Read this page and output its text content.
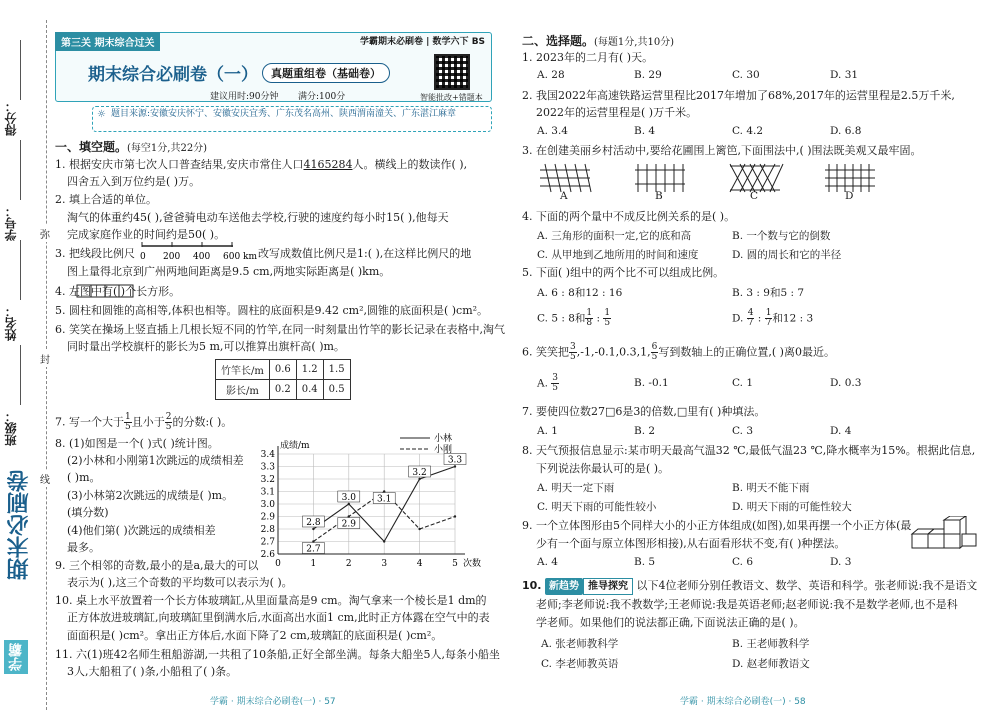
得分：
学号：
姓名：
班级：
弥
封
线
期末必刷卷
学霸
第三关 期末综合过关	学霸期末必刷卷 | 数学六下 BS
期末综合必刷卷（一）	真题重组卷（基础卷）
建议用时:90分钟 满分:100分	智能批改+错题本
☼ 题目来源:安徽安庆怀宁、安徽安庆宜秀、广东茂名高州、陕西渭南潼关、广东湛江麻章
一、填空题。(每空1分,共22分)
1. 根据安庆市第七次人口普查结果,安庆市常住人口4165284人。横线上的数读作( ),
四舍五入到万位约是( )万。
2. 填上合适的单位。
淘气的体重约45( ),爸爸骑电动车送他去学校,行驶的速度约每小时15( ),他每天
完成家庭作业的时间约是50( )。
3. 把线段比例尺 0 200 400 600 km 改写成数值比例尺是1:( ),在这样比例尺的地
图上量得北京到广州两地间距离是9.5 cm,两地实际距离是( )km。
4. 左图中有( )个长方形。
5. 圆柱和圆锥的高相等,体积也相等。圆柱的底面积是9.42 cm²,圆锥的底面积是( )cm²。
6. 笑笑在操场上竖直插上几根长短不同的竹竿,在同一时刻量出竹竿的影长记录在表格中,淘气
同时量出学校旗杆的影长为5 m,可以推算出旗杆高( )m。
竹竿长/m	0.6	1.2	1.5
影长/m	0.2	0.4	0.5
7. 写一个大于 $\frac{1}{5}$ 且小于 $\frac{2}{5}$ 的分数:( )。
8. (1)如图是一个( )式( )统计图。
(2)小林和小刚第1次跳远的成绩相差
( )m。
(3)小林第2次跳远的成绩是( )m。
(填分数)
(4)他们第( )次跳远的成绩相差
最多。
2.6
2.7
2.8
2.9
3.0
3.1
3.2
3.3
3.4
0	1	2	3	4	5
成绩/m
次数
2.8
3.0
3.2
3.3
小林
2.7
2.9
3.1
小刚
9. 三个相邻的奇数,最小的是a,最大的可以
表示为( ),这三个奇数的平均数可以表示为( )。
10. 桌上水平放置着一个长方体玻璃缸,从里面量高是9 cm。淘气拿来一个棱长是1 dm的
正方体放进玻璃缸,向玻璃缸里倒满水后,水面高出水面1 cm,此时正方体露在空气中的表
面面积是( )cm²。拿出正方体后,水面下降了2 cm,玻璃缸的底面积是( )cm²。
11. 六(1)班42名师生租船游湖,一共租了10条船,正好全部坐满。每条大船坐5人,每条小船坐
3人,大船租了( )条,小船租了( )条。
学霸 · 期末综合必刷卷(一) · 57
二、选择题。(每题1分,共10分)
1. 2023年的二月有( )天。
A. 28	B. 29	C. 30	D. 31
2. 我国2022年高速铁路运营里程比2017年增加了68%,2017年的运营里程是2.5万千米,
2022年的运营里程是( )万千米。
A. 3.4	B. 4	C. 4.2	D. 6.8
3. 在创建美丽乡村活动中,要给花圃围上篱笆,下面围法中,( )围法既美观又最牢固。
A	B	C	D
4. 下面的两个量中不成反比例关系的是( )。
A. 三角形的面积一定,它的底和高	B. 一个数与它的倒数
C. 从甲地到乙地所用的时间和速度	D. 圆的周长和它的半径
5. 下面( )组中的两个比不可以组成比例。
A. 6 : 8和12 : 16	B. 3 : 9和5 : 7
C. 5 : 8和 $\frac{1}{8}$ : $\frac{1}{5}$	D. $\frac{4}{7}$ : $\frac{1}{7}$ 和12 : 3
6. 笑笑把 $\frac{3}{5} ,-1,-0.1,0.3,1$, $\frac{6}{5}$ 写到数轴上的正确位置,( )离0最近。
A. $\frac{3}{5}$	B. -0.1	C. 1	D. 0.3
7. 要使四位数27□6是3的倍数,□里有( )种填法。
A. 1	B. 2	C. 3	D. 4
8. 天气预报信息显示:某市明天最高气温32 ℃,最低气温23 ℃,降水概率为15%。根据此信息,
下列说法你最认可的是( )。
A. 明天一定下雨	B. 明天不能下雨
C. 明天下雨的可能性较小	D. 明天下雨的可能性较大
9. 一个立体图形由5个同样大小的小正方体组成(如图),如果再摆一个小正方体(最
少有一个面与原立体图形相接),从右面看形状不变,有( )种摆法。
A. 4	B. 5	C. 6	D. 3
10. 新趋势 推导探究 以下4位老师分别任教语文、数学、英语和科学。张老师说:我不是语文
老师;李老师说:我不教数学;王老师说:我是英语老师;赵老师说:我不是数学老师,也不是科
学老师。如果他们的说法都正确,下面说法正确的是( )。
A. 张老师教科学	B. 王老师教科学
C. 李老师教英语	D. 赵老师教语文
学霸 · 期末综合必刷卷(一) · 58
